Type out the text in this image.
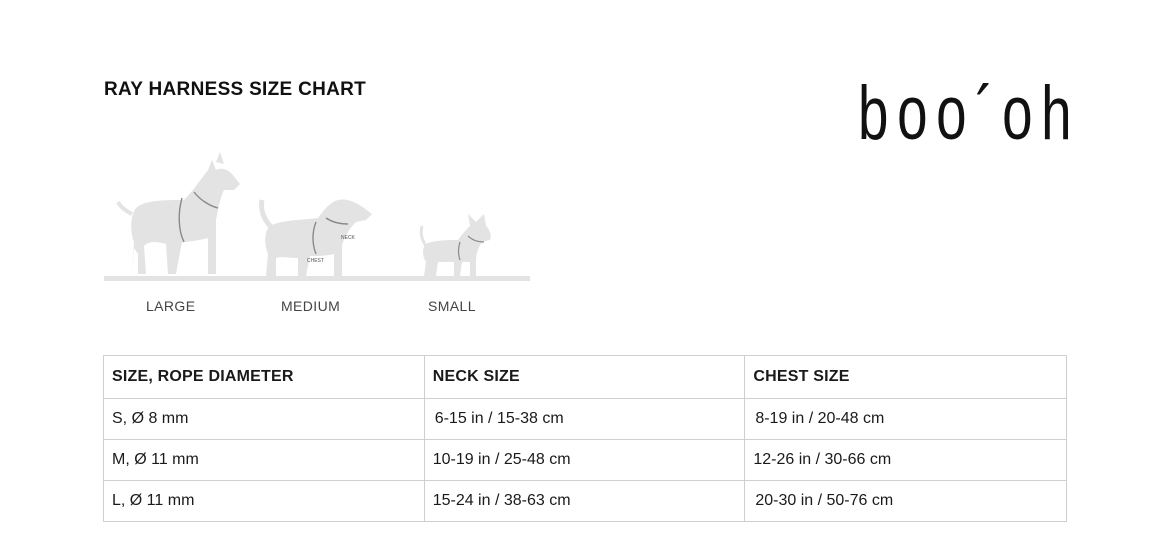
RAY HARNESS SIZE CHART	boo´oh
NECK
CHEST
LARGE	MEDIUM	SMALL
SIZE, ROPE DIAMETER	NECK SIZE	CHEST SIZE
S, Ø 8 mm	6-15 in / 15-38 cm	8-19 in / 20-48 cm
M, Ø 11 mm	10-19 in / 25-48 cm	12-26 in / 30-66 cm
L, Ø 11 mm	15-24 in / 38-63 cm	20-30 in / 50-76 cm
